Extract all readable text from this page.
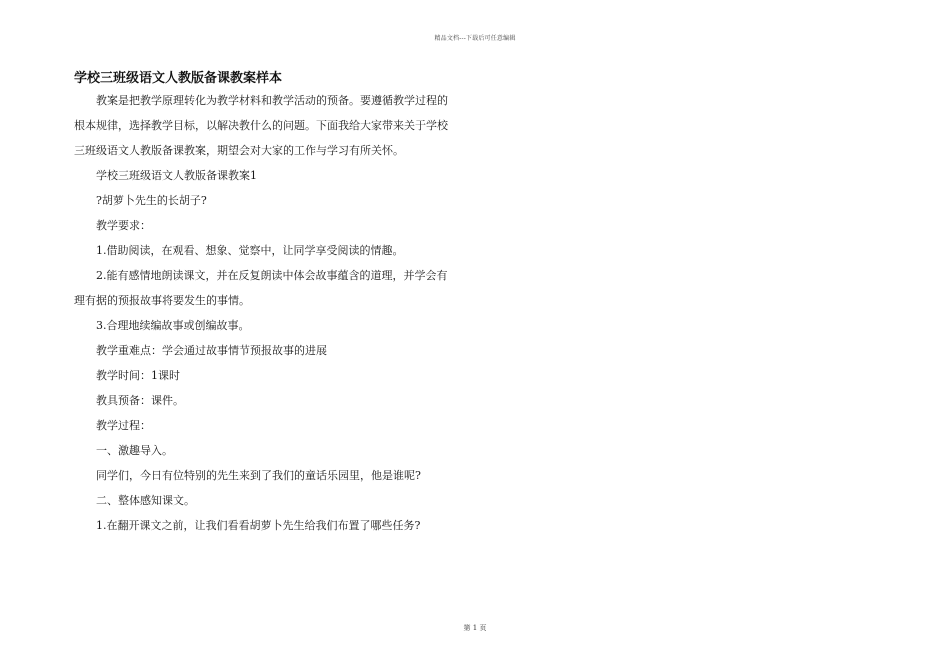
精品文档---下载后可任意编辑
学校三班级语文人教版备课教案样本

教案是把教学原理转化为教学材料和教学活动的预备。要遵循教学过程的

根本规律，选择教学目标，以解决教什么的问题。下面我给大家带来关于学校

三班级语文人教版备课教案，期望会对大家的工作与学习有所关怀。

学校三班级语文人教版备课教案1

?胡萝卜先生的长胡子?

教学要求：

1.借助阅读，在观看、想象、觉察中，让同学享受阅读的情趣。

2.能有感情地朗读课文，并在反复朗读中体会故事蕴含的道理，并学会有

理有据的预报故事将要发生的事情。

3.合理地续编故事或创编故事。

教学重难点：学会通过故事情节预报故事的进展

教学时间：1课时

教具预备：课件。

教学过程：

一、激趣导入。

同学们，今日有位特别的先生来到了我们的童话乐园里，他是谁呢?

二、整体感知课文。

1.在翻开课文之前，让我们看看胡萝卜先生给我们布置了哪些任务?

第 1 页
